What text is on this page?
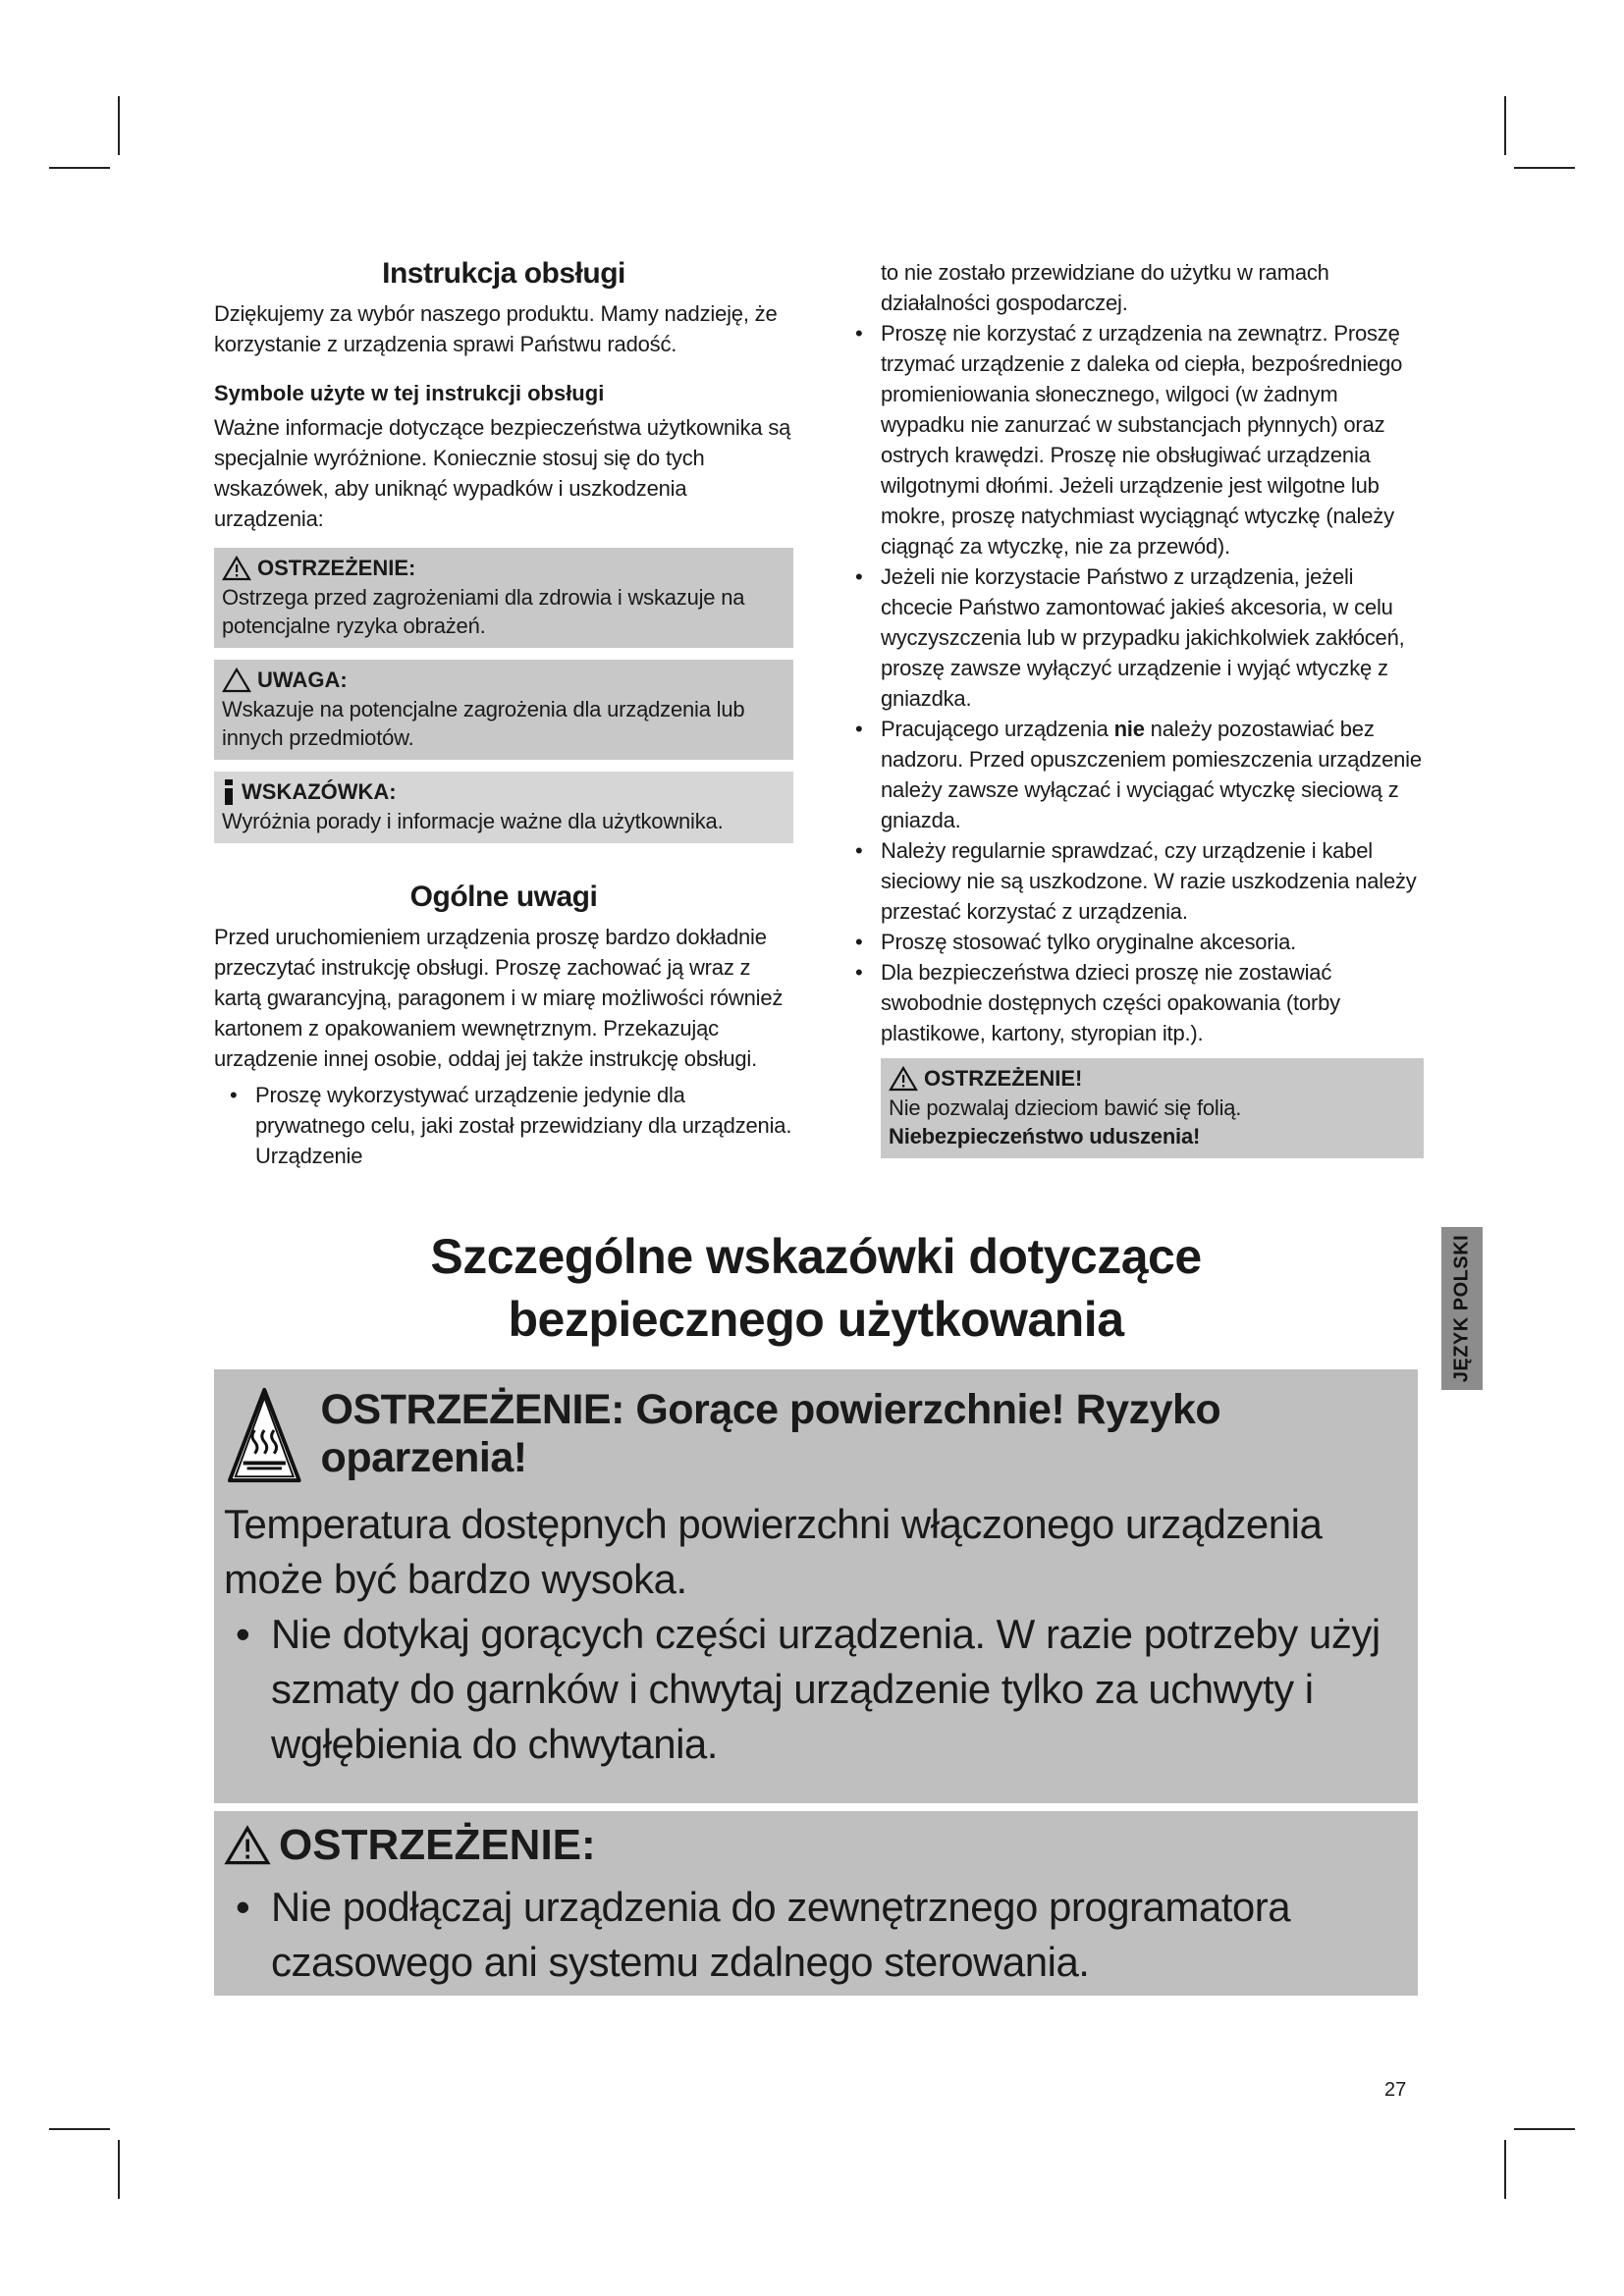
Instrukcja obsługi

Dziękujemy za wybór naszego produktu. Mamy nadzieję, że korzystanie z urządzenia sprawi Państwu radość.

Symbole użyte w tej instrukcji obsługi

Ważne informacje dotyczące bezpieczeństwa użytkownika są specjalnie wyróżnione. Koniecznie stosuj się do tych wskazówek, aby uniknąć wypadków i uszkodzenia urządzenia:

OSTRZEŻENIE:

Ostrzega przed zagrożeniami dla zdrowia i wskazuje na potencjalne ryzyka obrażeń.

UWAGA:

Wskazuje na potencjalne zagrożenia dla urządzenia lub innych przedmiotów.

WSKAZÓWKA:

Wyróżnia porady i informacje ważne dla użytkownika.

Ogólne uwagi

Przed uruchomieniem urządzenia proszę bardzo dokładnie przeczytać instrukcję obsługi. Proszę zachować ją wraz z kartą gwarancyjną, paragonem i w miarę możliwości również kartonem z opakowaniem wewnętrznym. Przekazując urządzenie innej osobie, oddaj jej także instrukcję obsługi.

• Proszę wykorzystywać urządzenie jedynie dla prywatnego celu, jaki został przewidziany dla urządzenia. Urządzenie

to nie zostało przewidziane do użytku w ramach działalności gospodarczej.

• Proszę nie korzystać z urządzenia na zewnątrz. Proszę trzymać urządzenie z daleka od ciepła, bezpośredniego promieniowania słonecznego, wilgoci (w żadnym wypadku nie zanurzać w substancjach płynnych) oraz ostrych krawędzi. Proszę nie obsługiwać urządzenia wilgotnymi dłońmi. Jeżeli urządzenie jest wilgotne lub mokre, proszę natychmiast wyciągnąć wtyczkę (należy ciągnąć za wtyczkę, nie za przewód).
• Jeżeli nie korzystacie Państwo z urządzenia, jeżeli chcecie Państwo zamontować jakieś akcesoria, w celu wyczyszczenia lub w przypadku jakichkolwiek zakłóceń, proszę zawsze wyłączyć urządzenie i wyjąć wtyczkę z gniazdka.
• Pracującego urządzenia nie należy pozostawiać bez nadzoru. Przed opuszczeniem pomieszczenia urządzenie należy zawsze wyłączać i wyciągać wtyczkę sieciową z gniazda.
• Należy regularnie sprawdzać, czy urządzenie i kabel sieciowy nie są uszkodzone. W razie uszkodzenia należy przestać korzystać z urządzenia.
• Proszę stosować tylko oryginalne akcesoria.
• Dla bezpieczeństwa dzieci proszę nie zostawiać swobodnie dostępnych części opakowania (torby plastikowe, kartony, styropian itp.).
OSTRZEŻENIE!

Nie pozwalaj dzieciom bawić się folią. Niebezpieczeństwo uduszenia!

JĘZYK POLSKI
Szczególne wskazówki dotyczące
bezpiecznego użytkowania
OSTRZEŻENIE: Gorące powierzchnie! Ryzyko oparzenia!

Temperatura dostępnych powierzchni włączonego urządzenia może być bardzo wysoka.

• Nie dotykaj gorących części urządzenia. W razie potrzeby użyj szmaty do garnków i chwytaj urządzenie tylko za uchwyty i wgłębienia do chwytania.
OSTRZEŻENIE:
• Nie podłączaj urządzenia do zewnętrznego programatora czasowego ani systemu zdalnego sterowania.
27
